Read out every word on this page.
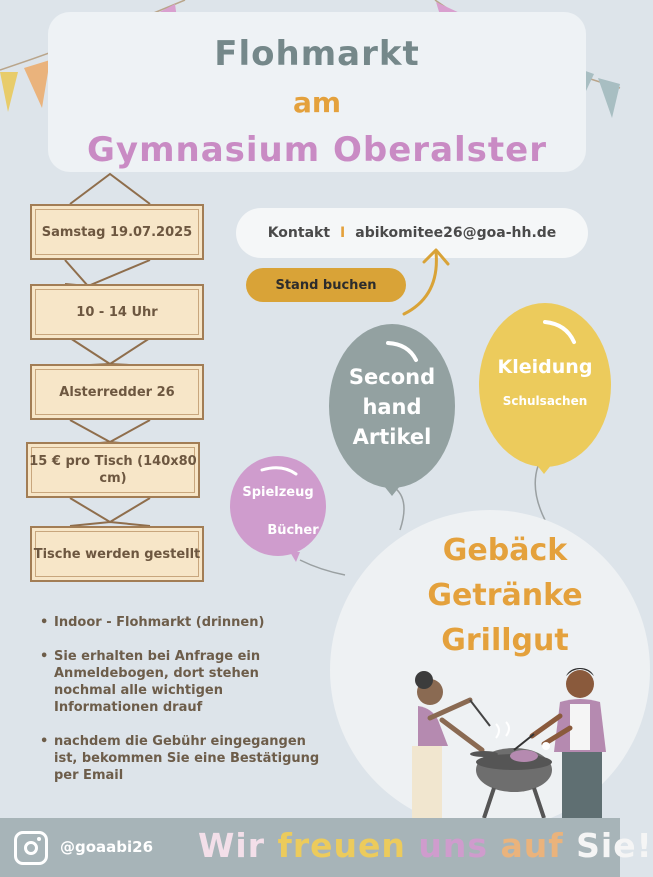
Flohmarkt
am
Gymnasium Oberalster
Samstag 19.07.2025
10 - 14 Uhr
Alsterredder 26
15 € pro Tisch (140x80 cm)
Tische werden gestellt
Kontakt I abikomitee26@goa-hh.de
Stand buchen
Second
hand
Artikel
Kleidung
Schulsachen
Spielzeug
Bücher
Gebäck
Getränke
Grillgut
• Indoor - Flohmarkt (drinnen)
• Sie erhalten bei Anfrage ein Anmeldebogen, dort stehen nochmal alle wichtigen Informationen drauf
• nachdem die Gebühr eingegangen ist, bekommen Sie eine Bestätigung per Email
@goaabi26 Wir freuen uns auf Sie!
